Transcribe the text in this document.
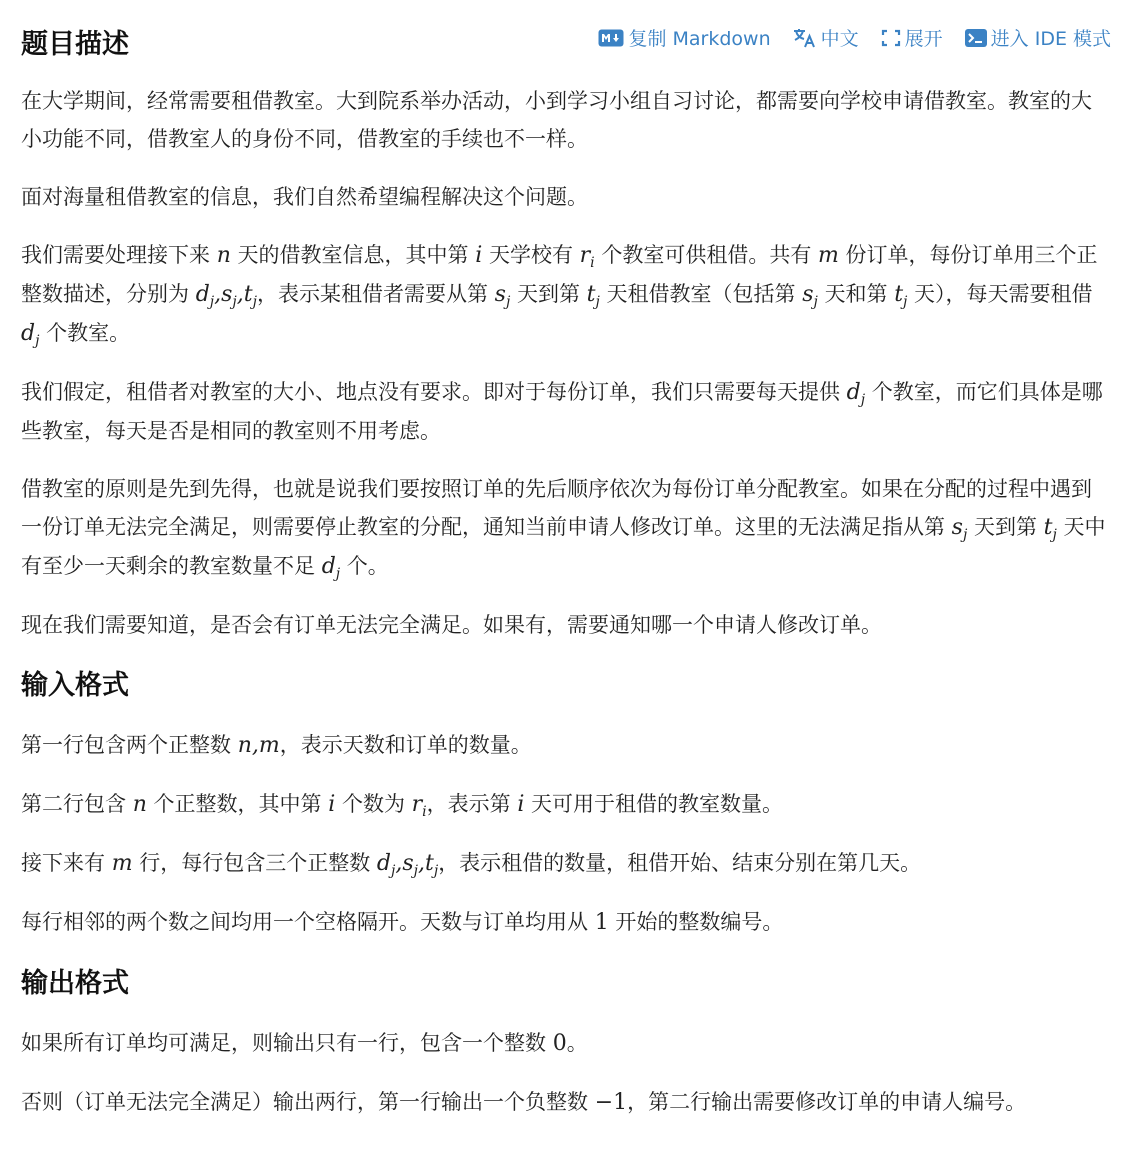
题目描述	复制 Markdown	中文 展开	进入 IDE 模式

在大学期间，经常需要租借教室。大到院系举办活动，小到学习小组自习讨论，都需要向学校申请借教室。教室的大小功能不同，借教室人的身份不同，借教室的手续也不一样。

面对海量租借教室的信息，我们自然希望编程解决这个问题。

我们需要处理接下来 n 天的借教室信息，其中第 i 天学校有 $r_i$ 个教室可供租借。共有 m 份订单，每份订单用三个正整数描述，分别为 $d_j,s_j,t_j$，表示某租借者需要从第 $s_j$ 天到第 $t_j$ 天租借教室（包括第 $s_j$ 天和第 $t_j$ 天），每天需要租借 $d_j$ 个教室。

我们假定，租借者对教室的大小、地点没有要求。即对于每份订单，我们只需要每天提供 $d_j$ 个教室，而它们具体是哪些教室，每天是否是相同的教室则不用考虑。

借教室的原则是先到先得，也就是说我们要按照订单的先后顺序依次为每份订单分配教室。如果在分配的过程中遇到一份订单无法完全满足，则需要停止教室的分配，通知当前申请人修改订单。这里的无法满足指从第 $s_j$ 天到第 $t_j$ 天中有至少一天剩余的教室数量不足 $d_j$ 个。

现在我们需要知道，是否会有订单无法完全满足。如果有，需要通知哪一个申请人修改订单。

输入格式

第一行包含两个正整数 n,m，表示天数和订单的数量。

第二行包含 n 个正整数，其中第 i 个数为 $r_i$，表示第 i 天可用于租借的教室数量。

接下来有 m 行，每行包含三个正整数 $d_j,s_j,t_j$，表示租借的数量，租借开始、结束分别在第几天。

每行相邻的两个数之间均用一个空格隔开。天数与订单均用从 1 开始的整数编号。

输出格式

如果所有订单均可满足，则输出只有一行，包含一个整数 0。

否则（订单无法完全满足）输出两行，第一行输出一个负整数 −1，第二行输出需要修改订单的申请人编号。
